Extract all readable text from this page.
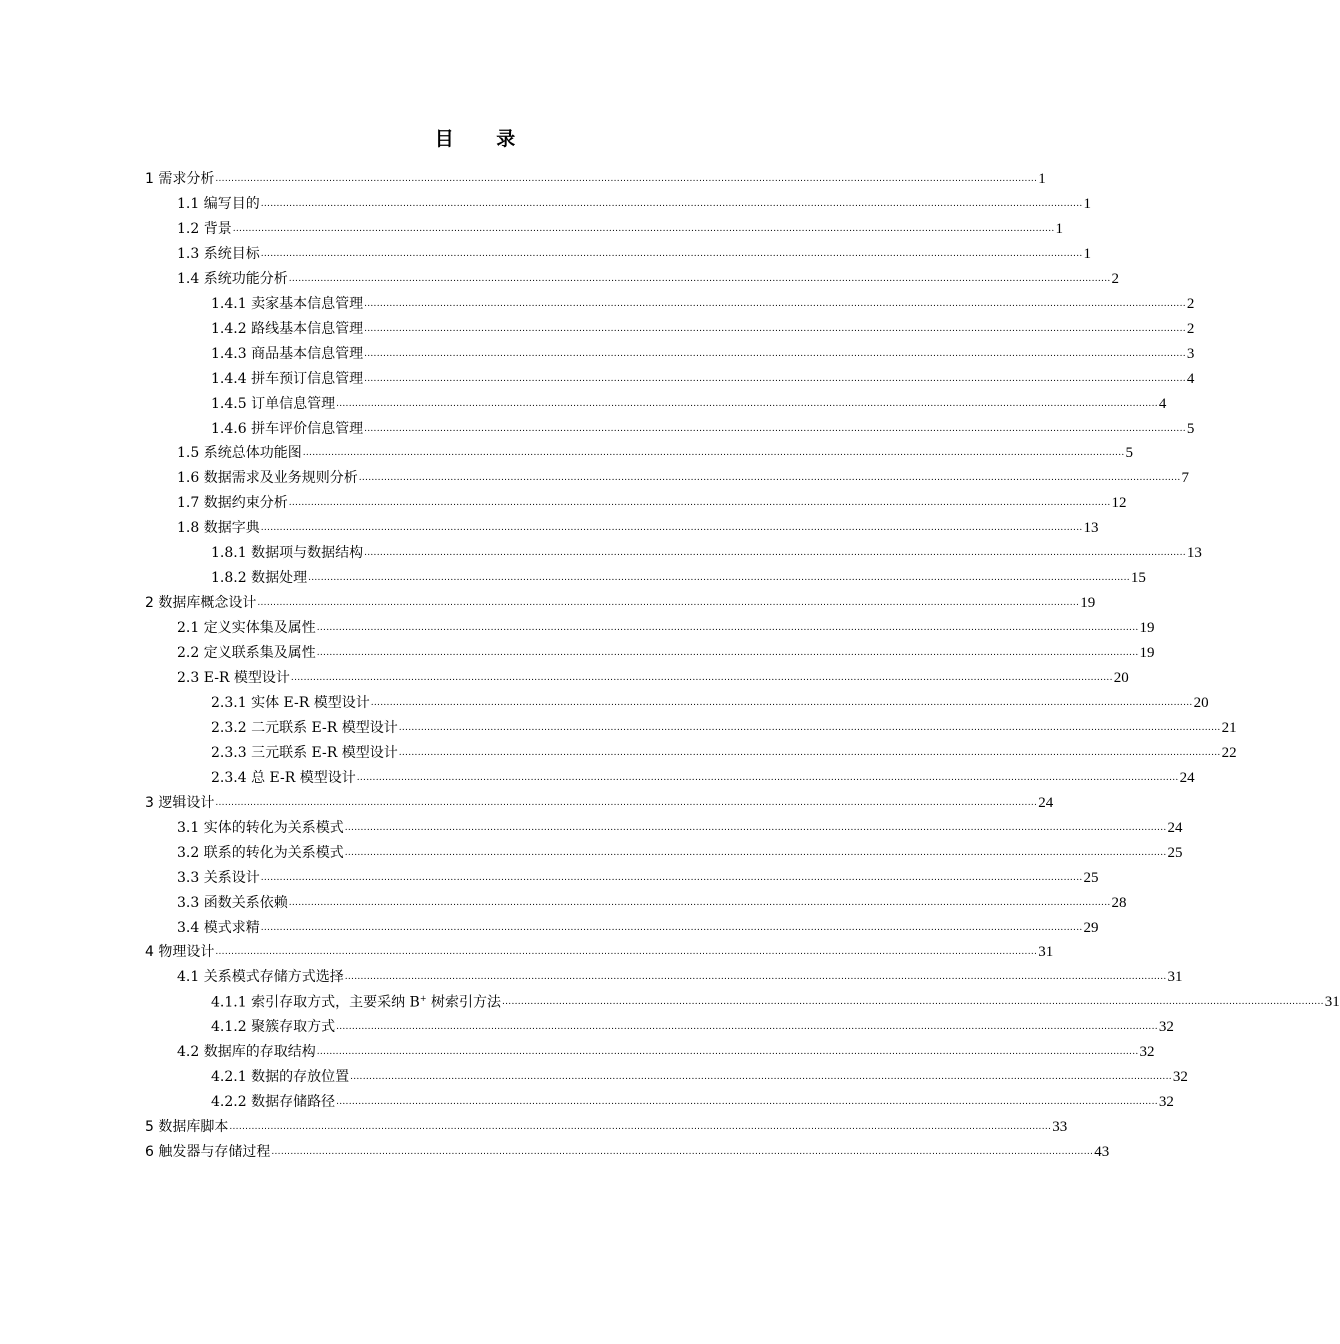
目 录
1 需求分析 .................................................................................................................................................................................................................................................................... 1
1.1 编写目的 .................................................................................................................................................................................................................................................................... 1
1.2 背景 .................................................................................................................................................................................................................................................................... 1
1.3 系统目标 .................................................................................................................................................................................................................................................................... 1
1.4 系统功能分析 .................................................................................................................................................................................................................................................................... 2
1.4.1 卖家基本信息管理 .................................................................................................................................................................................................................................................................... 2
1.4.2 路线基本信息管理 .................................................................................................................................................................................................................................................................... 2
1.4.3 商品基本信息管理 .................................................................................................................................................................................................................................................................... 3
1.4.4 拼车预订信息管理 .................................................................................................................................................................................................................................................................... 4
1.4.5 订单信息管理 .................................................................................................................................................................................................................................................................... 4
1.4.6 拼车评价信息管理 .................................................................................................................................................................................................................................................................... 5
1.5 系统总体功能图 .................................................................................................................................................................................................................................................................... 5
1.6 数据需求及业务规则分析 .................................................................................................................................................................................................................................................................... 7
1.7 数据约束分析 .................................................................................................................................................................................................................................................................... 12
1.8 数据字典 .................................................................................................................................................................................................................................................................... 13
1.8.1 数据项与数据结构 .................................................................................................................................................................................................................................................................... 13
1.8.2 数据处理 .................................................................................................................................................................................................................................................................... 15
2 数据库概念设计 .................................................................................................................................................................................................................................................................... 19
2.1 定义实体集及属性 .................................................................................................................................................................................................................................................................... 19
2.2 定义联系集及属性 .................................................................................................................................................................................................................................................................... 19
2.3 E-R 模型设计 .................................................................................................................................................................................................................................................................... 20
2.3.1 实体 E-R 模型设计 .................................................................................................................................................................................................................................................................... 20
2.3.2 二元联系 E-R 模型设计 .................................................................................................................................................................................................................................................................... 21
2.3.3 三元联系 E-R 模型设计 .................................................................................................................................................................................................................................................................... 22
2.3.4 总 E-R 模型设计 .................................................................................................................................................................................................................................................................... 24
3 逻辑设计 .................................................................................................................................................................................................................................................................... 24
3.1 实体的转化为关系模式 .................................................................................................................................................................................................................................................................... 24
3.2 联系的转化为关系模式 .................................................................................................................................................................................................................................................................... 25
3.3 关系设计 .................................................................................................................................................................................................................................................................... 25
3.3 函数关系依赖 .................................................................................................................................................................................................................................................................... 28
3.4 模式求精 .................................................................................................................................................................................................................................................................... 29
4 物理设计 .................................................................................................................................................................................................................................................................... 31
4.1 关系模式存储方式选择 .................................................................................................................................................................................................................................................................... 31
4.1.1 索引存取方式，主要采纳 B+ 树索引方法 .................................................................................................................................................................................................................................................................... 31
4.1.2 聚簇存取方式 .................................................................................................................................................................................................................................................................... 32
4.2 数据库的存取结构 .................................................................................................................................................................................................................................................................... 32
4.2.1 数据的存放位置 .................................................................................................................................................................................................................................................................... 32
4.2.2 数据存储路径 .................................................................................................................................................................................................................................................................... 32
5 数据库脚本 .................................................................................................................................................................................................................................................................... 33
6 触发器与存储过程 .................................................................................................................................................................................................................................................................... 43
